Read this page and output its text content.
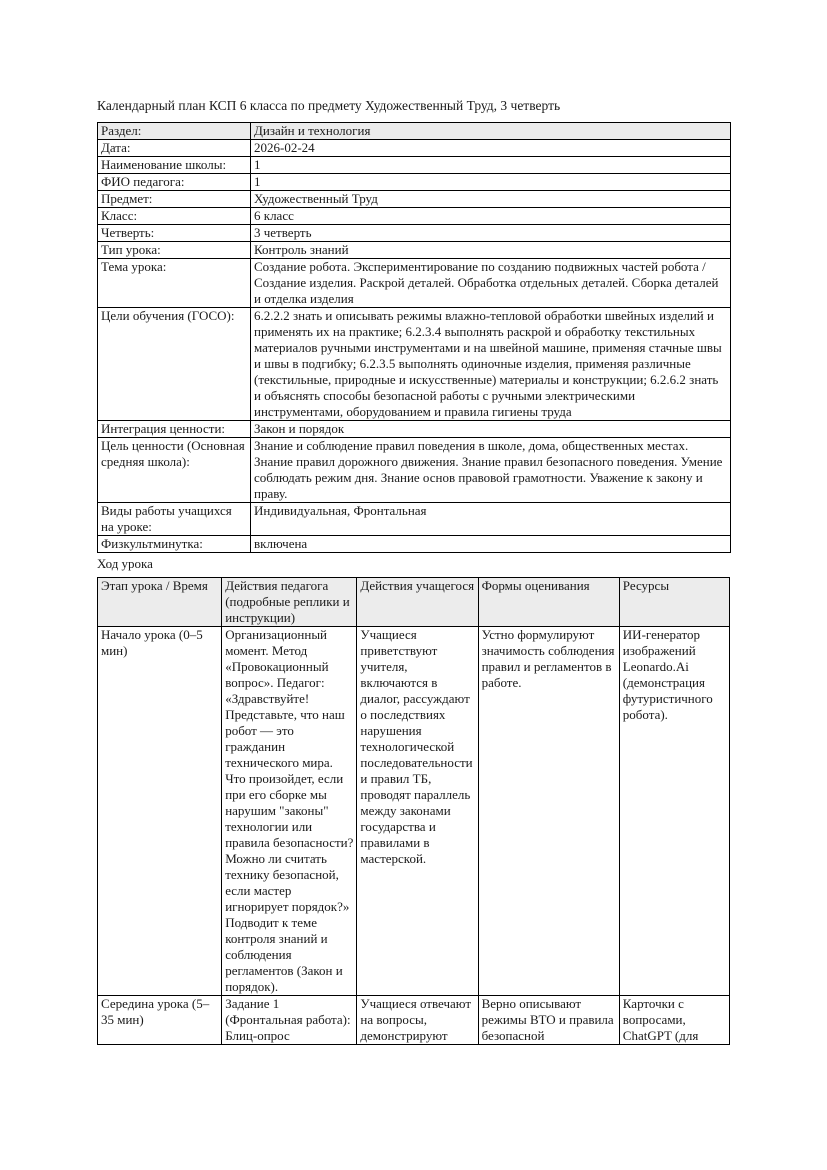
Календарный план КСП 6 класса по предмету Художественный Труд, 3 четверть

Раздел:	Дизайн и технология
Дата:	2026-02-24
Наименование школы:	1
ФИО педагога:	1
Предмет:	Художественный Труд
Класс:	6 класс
Четверть:	3 четверть
Тип урока:	Контроль знаний
Тема урока:	Создание робота. Экспериментирование по созданию подвижных частей робота / Создание изделия. Раскрой деталей. Обработка отдельных деталей. Сборка деталей и отделка изделия
Цели обучения (ГОСО):	6.2.2.2 знать и описывать режимы влажно-тепловой обработки швейных изделий и применять их на практике; 6.2.3.4 выполнять раскрой и обработку текстильных материалов ручными инструментами и на швейной машине, применяя стачные швы и швы в подгибку; 6.2.3.5 выполнять одиночные изделия, применяя различные (текстильные, природные и искусственные) материалы и конструкции; 6.2.6.2 знать и объяснять способы безопасной работы с ручными электрическими инструментами, оборудованием и правила гигиены труда
Интеграция ценности:	Закон и порядок
Цель ценности (Основная средняя школа):	Знание и соблюдение правил поведения в школе, дома, общественных местах. Знание правил дорожного движения. Знание правил безопасного поведения. Умение соблюдать режим дня. Знание основ правовой грамотности. Уважение к закону и праву.
Виды работы учащихся на уроке:	Индивидуальная, Фронтальная
Физкультминутка:	включена

Ход урока

Этап урока / Время	Действия педагога (подробные реплики и инструкции)	Действия учащегося	Формы оценивания	Ресурсы
Начало урока (0–5 мин)	Организационный момент. Метод «Провокационный вопрос». Педагог: «Здравствуйте! Представьте, что наш робот — это гражданин технического мира. Что произойдет, если при его сборке мы нарушим "законы" технологии или правила безопасности? Можно ли считать технику безопасной, если мастер игнорирует порядок?» Подводит к теме контроля знаний и соблюдения регламентов (Закон и порядок).	Учащиеся приветствуют учителя, включаются в диалог, рассуждают о последствиях нарушения технологической последовательности и правил ТБ, проводят параллель между законами государства и правилами в мастерской.	Устно формулируют значимость соблюдения правил и регламентов в работе.	ИИ-генератор изображений Leonardo.Ai (демонстрация футуристичного робота).
Середина урока (5–35 мин)	Задание 1 (Фронтальная работа): Блиц-опрос	Учащиеся отвечают на вопросы, демонстрируют	Верно описывают режимы ВТО и правила безопасной	Карточки с вопросами, ChatGPT (для
